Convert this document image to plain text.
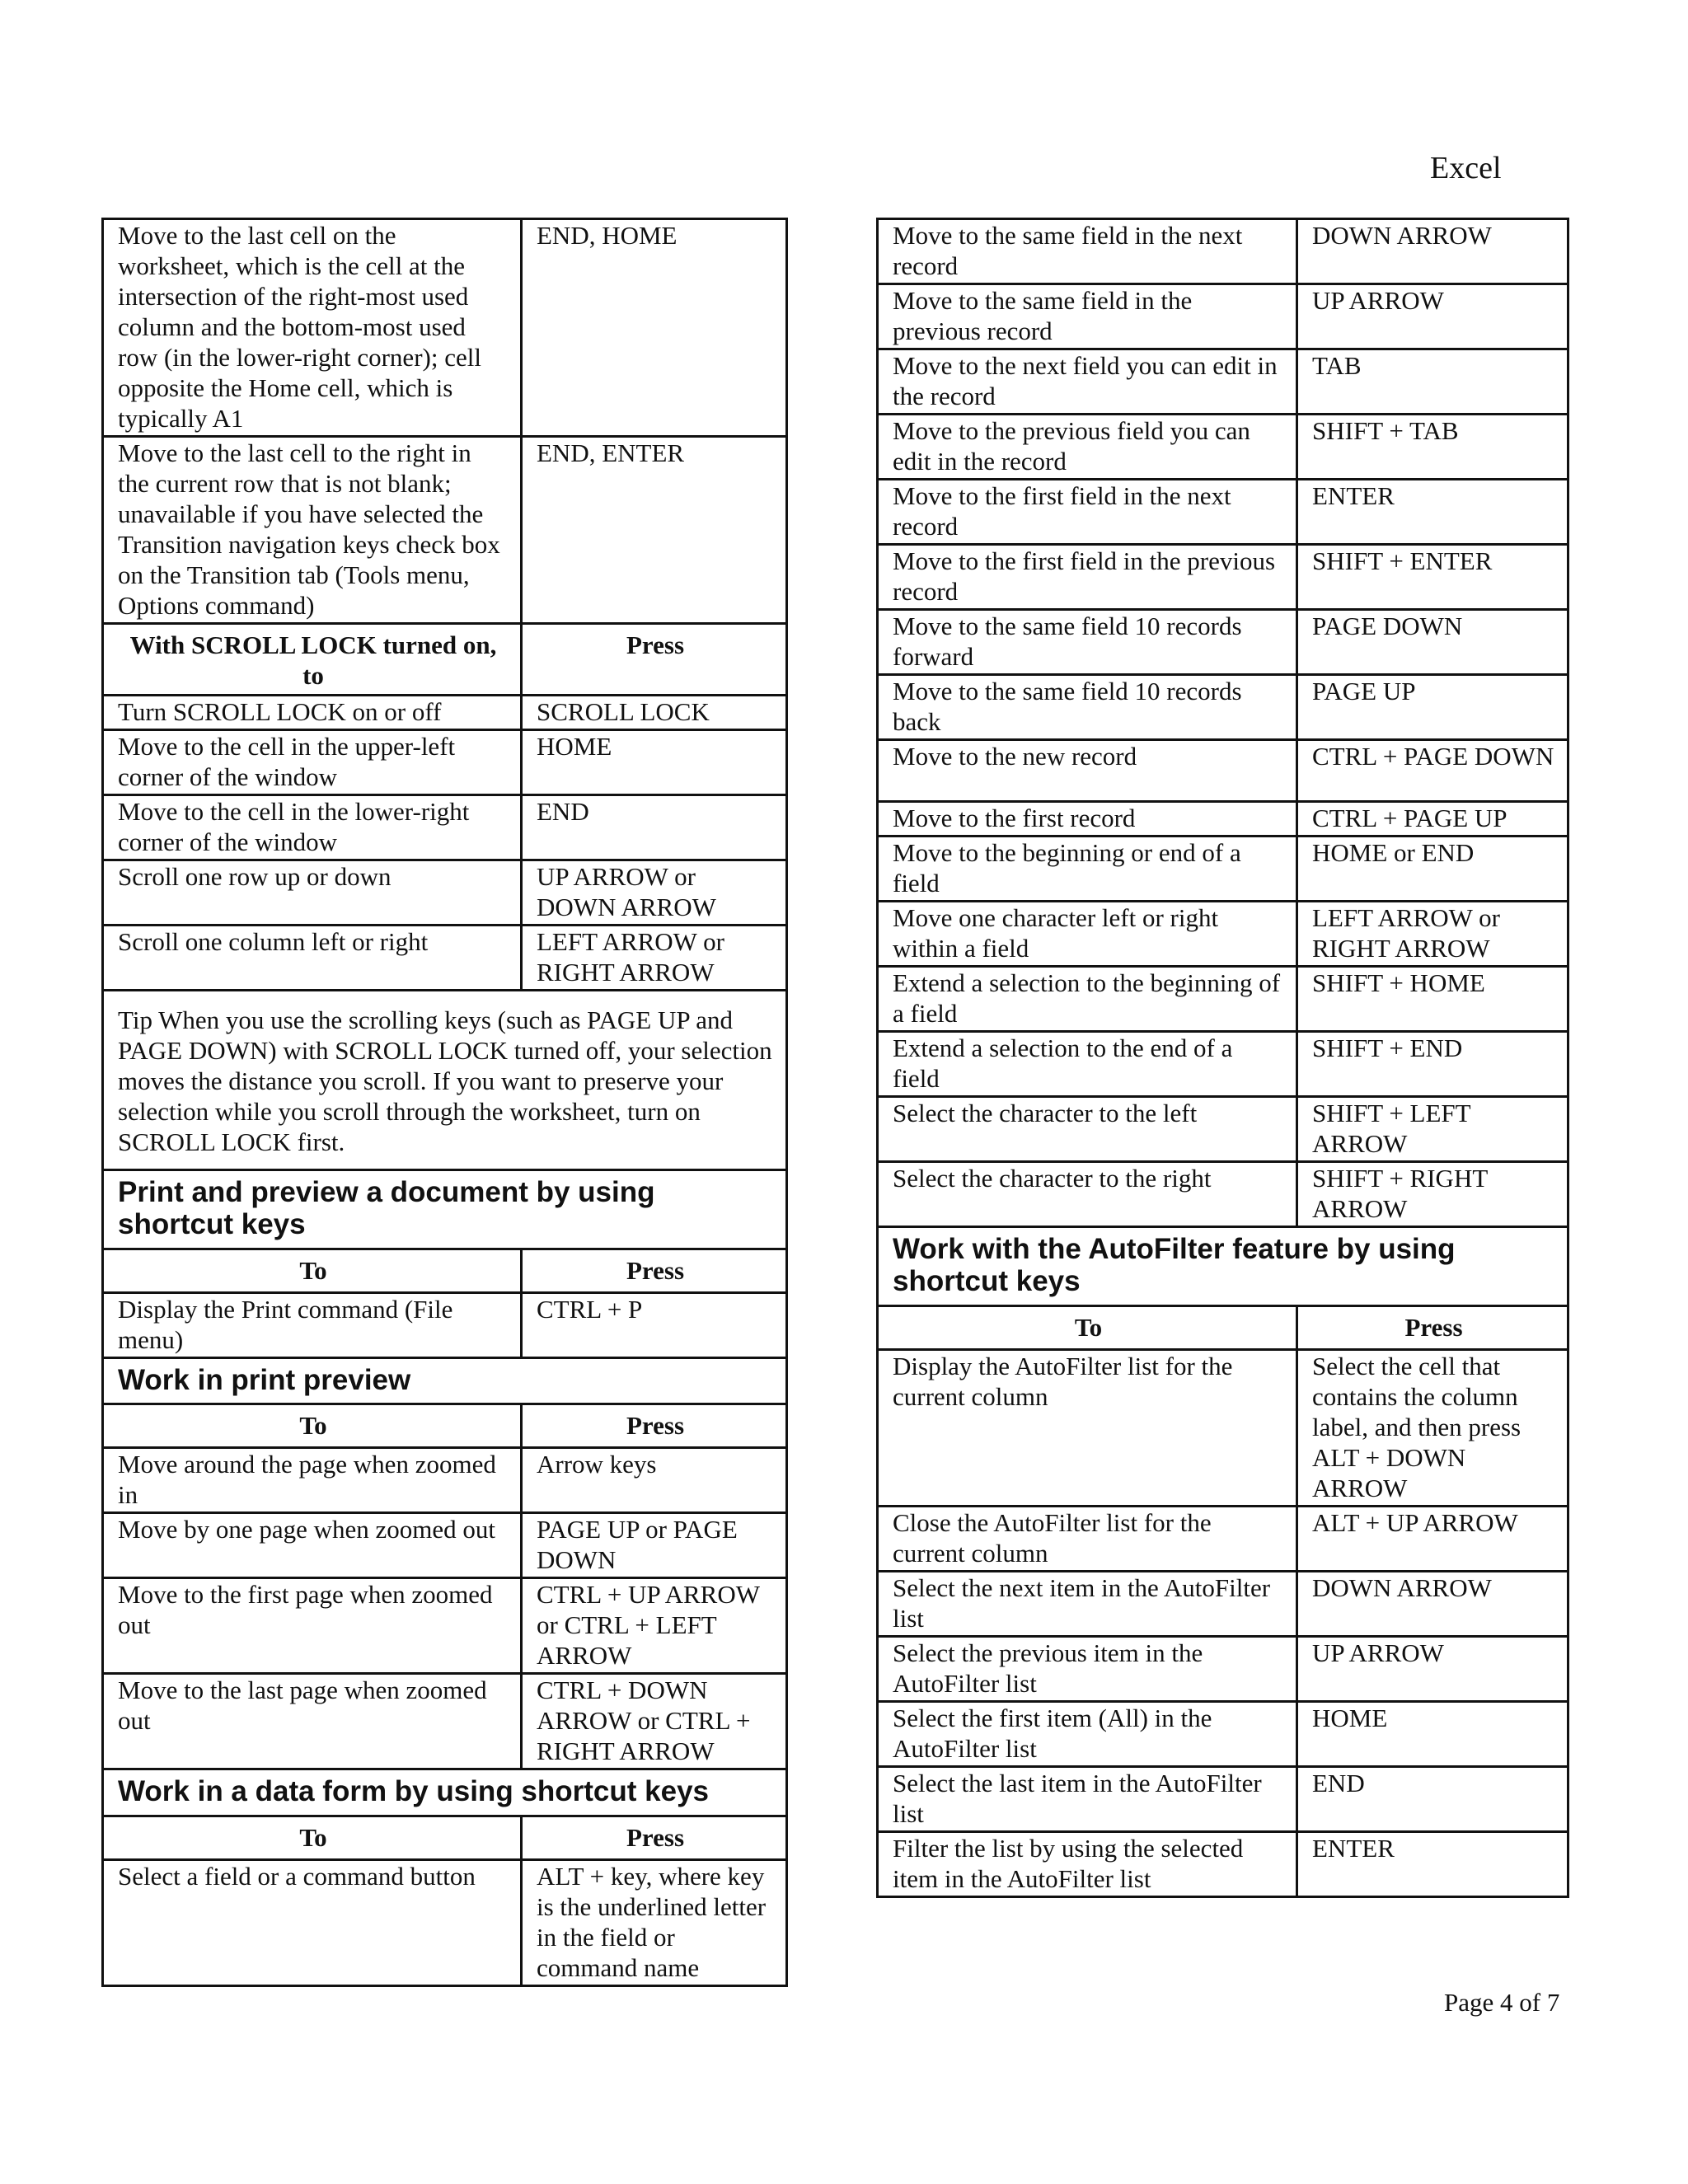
Excel
Move to the last cell on the worksheet, which is the cell at the intersection of the right-most used column and the bottom-most used row (in the lower-right corner); cell opposite the Home cell, which is typically A1	END, HOME
Move to the last cell to the right in the current row that is not blank; unavailable if you have selected the Transition navigation keys check box on the Transition tab (Tools menu, Options command)	END, ENTER
With SCROLL LOCK turned on, to	Press
Turn SCROLL LOCK on or off	SCROLL LOCK
Move to the cell in the upper-left corner of the window	HOME
Move to the cell in the lower-right corner of the window	END
Scroll one row up or down	UP ARROW or DOWN ARROW
Scroll one column left or right	LEFT ARROW or RIGHT ARROW
Tip When you use the scrolling keys (such as PAGE UP and PAGE DOWN) with SCROLL LOCK turned off, your selection moves the distance you scroll. If you want to preserve your selection while you scroll through the worksheet, turn on SCROLL LOCK first.	
Print and preview a document by using shortcut keys	
To	Press
Display the Print command (File menu)	CTRL + P
Work in print preview	
To	Press
Move around the page when zoomed in	Arrow keys
Move by one page when zoomed out	PAGE UP or PAGE DOWN
Move to the first page when zoomed out	CTRL + UP ARROW or CTRL + LEFT ARROW
Move to the last page when zoomed out	CTRL + DOWN ARROW or CTRL + RIGHT ARROW
Work in a data form by using shortcut keys	
To	Press
Select a field or a command button	ALT + key, where key is the underlined letter in the field or command name
Move to the same field in the next record	DOWN ARROW
Move to the same field in the previous record	UP ARROW
Move to the next field you can edit in the record	TAB
Move to the previous field you can edit in the record	SHIFT + TAB
Move to the first field in the next record	ENTER
Move to the first field in the previous record	SHIFT + ENTER
Move to the same field 10 records forward	PAGE DOWN
Move to the same field 10 records back	PAGE UP
Move to the new record	CTRL + PAGE DOWN
Move to the first record	CTRL + PAGE UP
Move to the beginning or end of a field	HOME or END
Move one character left or right within a field	LEFT ARROW or RIGHT ARROW
Extend a selection to the beginning of a field	SHIFT + HOME
Extend a selection to the end of a field	SHIFT + END
Select the character to the left	SHIFT + LEFT ARROW
Select the character to the right	SHIFT + RIGHT ARROW
Work with the AutoFilter feature by using shortcut keys	
To	Press
Display the AutoFilter list for the current column	Select the cell that contains the column label, and then press ALT + DOWN ARROW
Close the AutoFilter list for the current column	ALT + UP ARROW
Select the next item in the AutoFilter list	DOWN ARROW
Select the previous item in the AutoFilter list	UP ARROW
Select the first item (All) in the AutoFilter list	HOME
Select the last item in the AutoFilter list	END
Filter the list by using the selected item in the AutoFilter list	ENTER
Page 4 of 7
